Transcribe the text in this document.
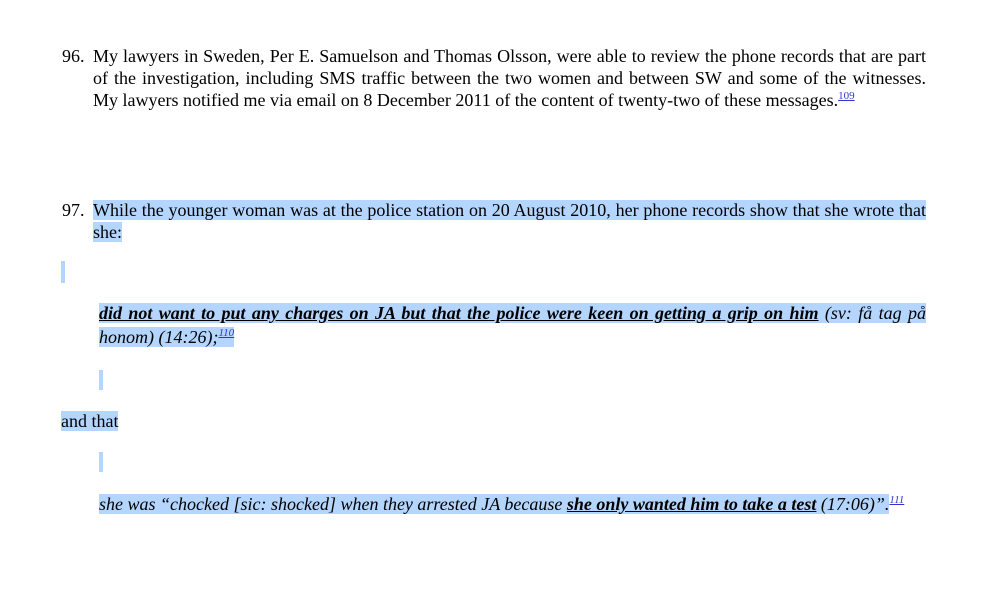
96. My lawyers in Sweden, Per E. Samuelson and Thomas Olsson, were able to review the phone records that are part of the investigation, including SMS traffic between the two women and between SW and some of the witnesses. My lawyers notified me via email on 8 December 2011 of the content of twenty-two of these messages.$^{109}$
97. While the younger woman was at the police station on 20 August 2010, her phone records show that she wrote that she:
did not want to put any charges on JA but that the police were keen on getting a grip on him (sv: få tag på honom) (14:26);$^{110}$
and that
she was “chocked [sic: shocked] when they arrested JA because she only wanted him to take a test (17:06)”.$^{111}$
